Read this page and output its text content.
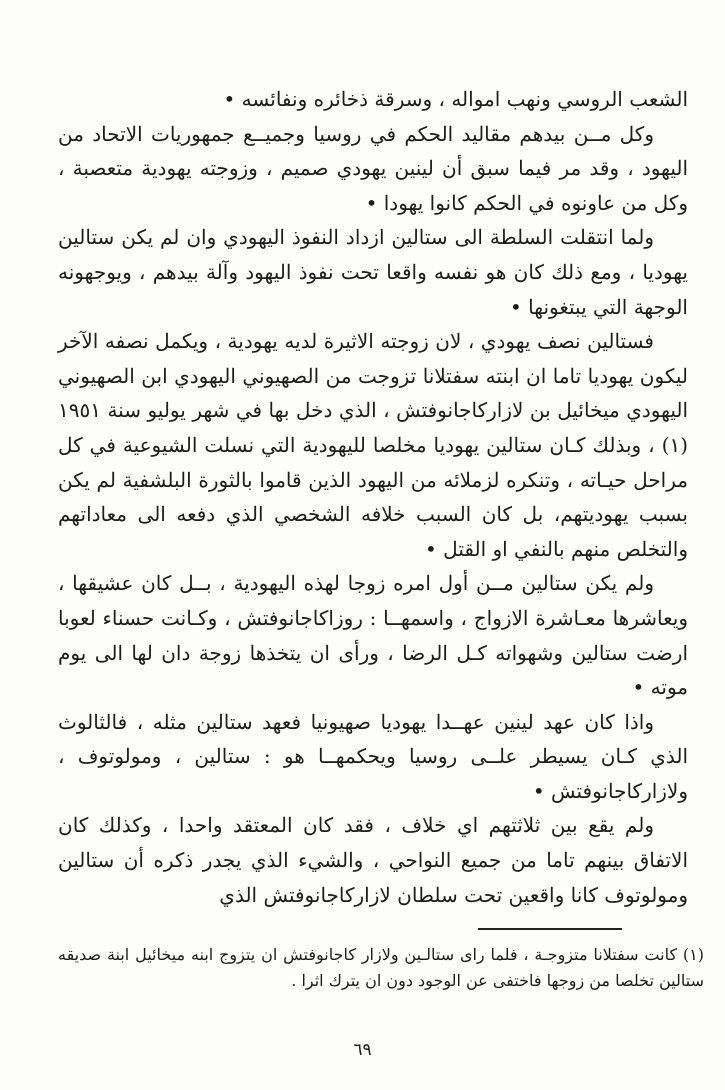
الشعب الروسي ونهب امواله ، وسرقة ذخائره ونفائسه •

وكل مــن بيدهم مقاليد الحكم في روسيا وجميــع جمهوريات الاتحاد من اليهود ، وقد مر فيما سبق أن لينين يهودي صميم ، وزوجته يهودية متعصبة ، وكل من عاونوه في الحكم كانوا يهودا •

ولما انتقلت السلطة الى ستالين ازداد النفوذ اليهودي وان لم يكن ستالين يهوديا ، ومع ذلك كان هو نفسه واقعا تحت نفوذ اليهود وآلة بيدهم ، ويوجهونه الوجهة التي يبتغونها •

فستالين نصف يهودي ، لان زوجته الاثيرة لديه يهودية ، ويكمل نصفه الآخر ليكون يهوديا تاما ان ابنته سفتلانا تزوجت من الصهيوني اليهودي ابن الصهيوني اليهودي ميخائيل بن لازاركاجانوفتش ، الذي دخل بها في شهر يوليو سنة ١٩٥١ (١) ، وبذلك كـان ستالين يهوديا مخلصا لليهودية التي نسلت الشيوعية في كل مراحل حيـاته ، وتنكره لزملائه من اليهود الذين قاموا بالثورة البلشفية لم يكن بسبب يهوديتهم، بل كان السبب خلافه الشخصي الذي دفعه الى معاداتهم والتخلص منهم بالنفي او القتل •

ولم يكن ستالين مــن أول امره زوجا لهذه اليهودية ، بــل كان عشيقها ، ويعاشرها معـاشرة الازواج ، واسمهــا : روزاكاجانوفتش ، وكـانت حسناء لعوبا ارضت ستالين وشهواته كـل الرضا ، ورأى ان يتخذها زوجة دان لها الى يوم موته •

واذا كان عهد لينين عهــدا يهوديا صهيونيا فعهد ستالين مثله ، فالثالوث الذي كـان يسيطر علــى روسيا ويحكمهــا هو : ستالين ، ومولوتوف ، ولازاركاجانوفتش •

ولم يقع بين ثلاثتهم اي خلاف ، فقد كان المعتقد واحدا ، وكذلك كان الاتفاق بينهم تاما من جميع النواحي ، والشيء الذي يجدر ذكره أن ستالين ومولوتوف كانا واقعين تحت سلطان لازاركاجانوفتش الذي

(١) كانت سفتلانا متزوجـة ، فلما راى ستالـين ولازار كاجانوفتش ان يتزوج ابنه ميخائيل ابنة صديقه ستالين تخلصا من زوجها فاختفى عن الوجود دون ان يترك اثرا .
٦٩
